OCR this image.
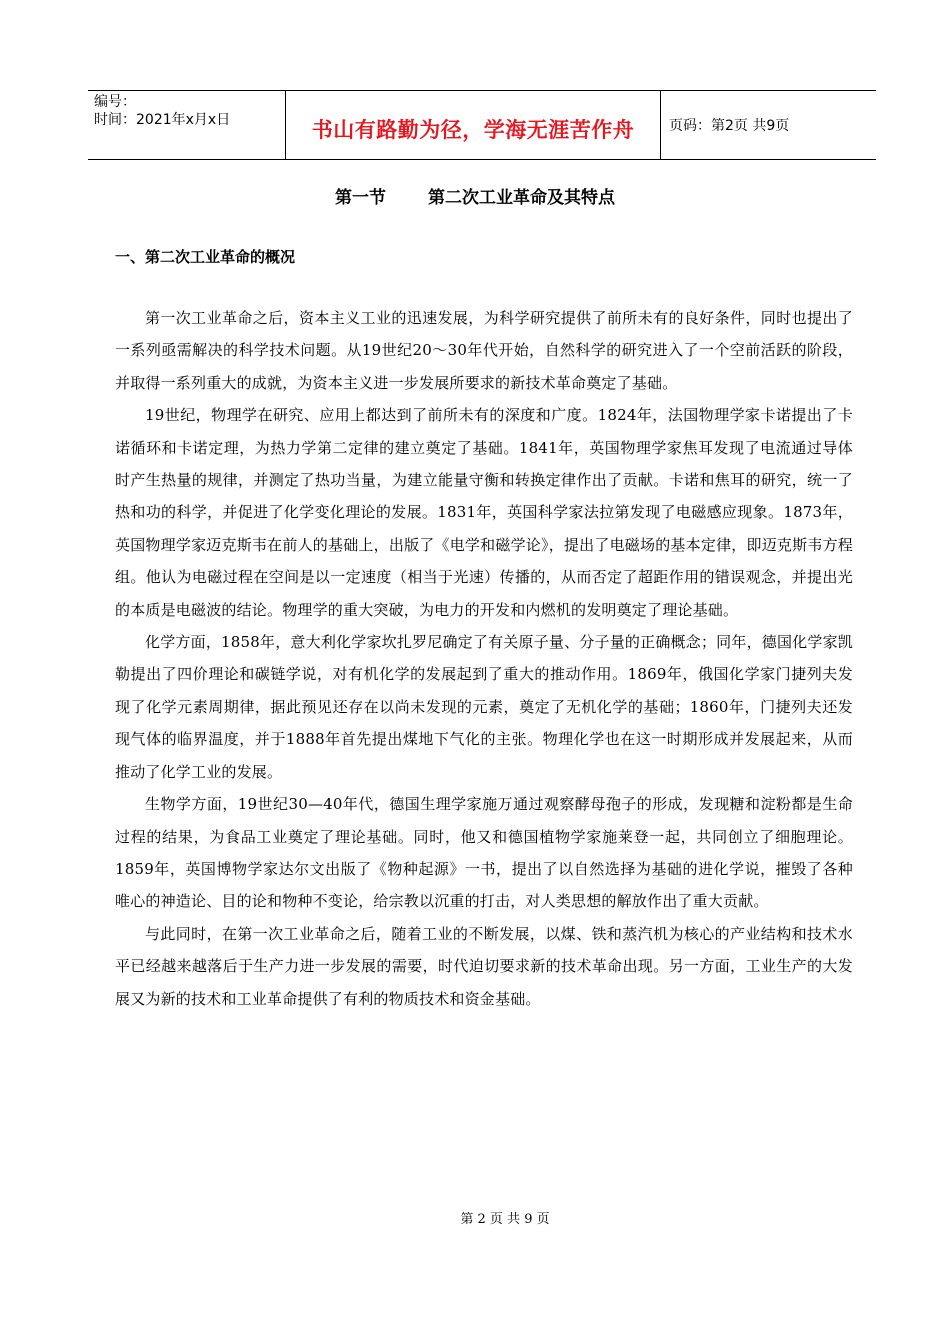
编号：
时间：2021年x月x日	书山有路勤为径，学海无涯苦作舟 页码：第2页 共9页
第一节 第二次工业革命及其特点
一、第二次工业革命的概况

第一次工业革命之后，资本主义工业的迅速发展，为科学研究提供了前所未有的良好条件，同时也提出了一系列亟需解决的科学技术问题。从19世纪20～30年代开始，自然科学的研究进入了一个空前活跃的阶段，并取得一系列重大的成就，为资本主义进一步发展所要求的新技术革命奠定了基础。

19世纪，物理学在研究、应用上都达到了前所未有的深度和广度。1824年，法国物理学家卡诺提出了卡诺循环和卡诺定理，为热力学第二定律的建立奠定了基础。1841年，英国物理学家焦耳发现了电流通过导体时产生热量的规律，并测定了热功当量，为建立能量守衡和转换定律作出了贡献。卡诺和焦耳的研究，统一了热和功的科学，并促进了化学变化理论的发展。1831年，英国科学家法拉第发现了电磁感应现象。1873年，英国物理学家迈克斯韦在前人的基础上，出版了《电学和磁学论》，提出了电磁场的基本定律，即迈克斯韦方程组。他认为电磁过程在空间是以一定速度（相当于光速）传播的，从而否定了超距作用的错误观念，并提出光的本质是电磁波的结论。物理学的重大突破，为电力的开发和内燃机的发明奠定了理论基础。

化学方面，1858年，意大利化学家坎扎罗尼确定了有关原子量、分子量的正确概念；同年，德国化学家凯勒提出了四价理论和碳链学说，对有机化学的发展起到了重大的推动作用。1869年，俄国化学家门捷列夫发现了化学元素周期律，据此预见还存在以尚未发现的元素，奠定了无机化学的基础；1860年，门捷列夫还发现气体的临界温度，并于1888年首先提出煤地下气化的主张。物理化学也在这一时期形成并发展起来，从而推动了化学工业的发展。

生物学方面，19世纪30—40年代，德国生理学家施万通过观察酵母孢子的形成，发现糖和淀粉都是生命过程的结果，为食品工业奠定了理论基础。同时，他又和德国植物学家施莱登一起，共同创立了细胞理论。1859年，英国博物学家达尔文出版了《物种起源》一书，提出了以自然选择为基础的进化学说，摧毁了各种唯心的神造论、目的论和物种不变论，给宗教以沉重的打击，对人类思想的解放作出了重大贡献。

与此同时，在第一次工业革命之后，随着工业的不断发展，以煤、铁和蒸汽机为核心的产业结构和技术水平已经越来越落后于生产力进一步发展的需要，时代迫切要求新的技术革命出现。另一方面，工业生产的大发展又为新的技术和工业革命提供了有利的物质技术和资金基础。

第 2 页 共 9 页
